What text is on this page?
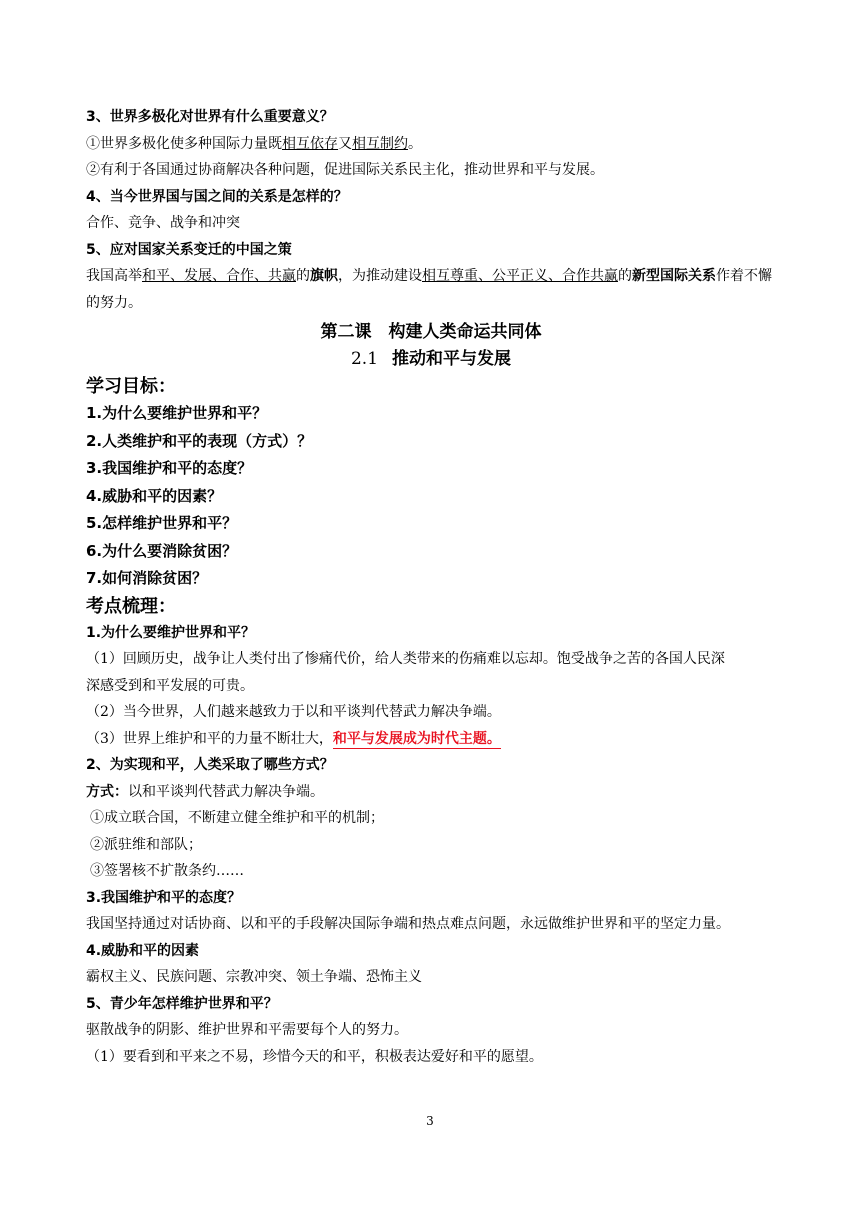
3、世界多极化对世界有什么重要意义？
①世界多极化使多种国际力量既相互依存又相互制约。
②有利于各国通过协商解决各种问题，促进国际关系民主化，推动世界和平与发展。
4、当今世界国与国之间的关系是怎样的？
合作、竞争、战争和冲突
5、应对国家关系变迁的中国之策
我国高举和平、发展、合作、共赢的旗帜，为推动建设相互尊重、公平正义、合作共赢的新型国际关系作着不懈的努力。
第二课　构建人类命运共同体
2.1 推动和平与发展
学习目标：
1.为什么要维护世界和平？
2.人类维护和平的表现（方式）？
3.我国维护和平的态度？
4.威胁和平的因素？
5.怎样维护世界和平？
6.为什么要消除贫困？
7.如何消除贫困？
考点梳理：
1.为什么要维护世界和平？
（1）回顾历史，战争让人类付出了惨痛代价，给人类带来的伤痛难以忘却。饱受战争之苦的各国人民深
深感受到和平发展的可贵。
（2）当今世界，人们越来越致力于以和平谈判代替武力解决争端。
（3）世界上维护和平的力量不断壮大，和平与发展成为时代主题。
2、为实现和平，人类采取了哪些方式？
方式：以和平谈判代替武力解决争端。
①成立联合国，不断建立健全维护和平的机制；
②派驻维和部队；
③签署核不扩散条约……
3.我国维护和平的态度？
我国坚持通过对话协商、以和平的手段解决国际争端和热点难点问题，永远做维护世界和平的坚定力量。
4.威胁和平的因素
霸权主义、民族问题、宗教冲突、领土争端、恐怖主义
5、青少年怎样维护世界和平？
驱散战争的阴影、维护世界和平需要每个人的努力。
（1）要看到和平来之不易，珍惜今天的和平，积极表达爱好和平的愿望。
3
